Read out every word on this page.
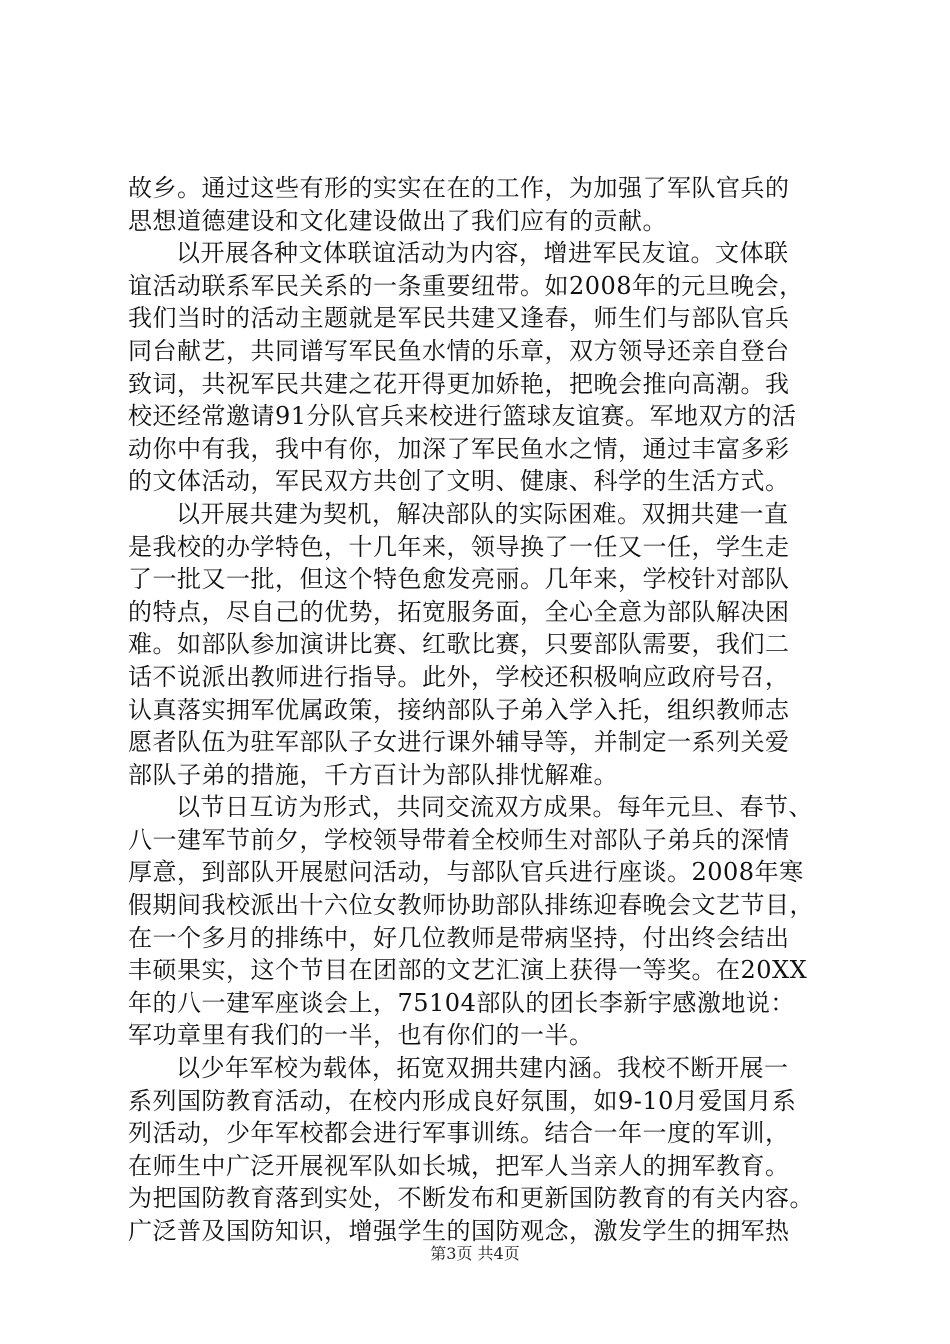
故乡。通过这些有形的实实在在的工作，为加强了军队官兵的
思想道德建设和文化建设做出了我们应有的贡献。
以开展各种文体联谊活动为内容，增进军民友谊。文体联
谊活动联系军民关系的一条重要纽带。如2008年的元旦晚会，
我们当时的活动主题就是军民共建又逢春，师生们与部队官兵
同台献艺，共同谱写军民鱼水情的乐章，双方领导还亲自登台
致词，共祝军民共建之花开得更加娇艳，把晚会推向高潮。我
校还经常邀请91分队官兵来校进行篮球友谊赛。军地双方的活
动你中有我，我中有你，加深了军民鱼水之情，通过丰富多彩
的文体活动，军民双方共创了文明、健康、科学的生活方式。
以开展共建为契机，解决部队的实际困难。双拥共建一直
是我校的办学特色，十几年来，领导换了一任又一任，学生走
了一批又一批，但这个特色愈发亮丽。几年来，学校针对部队
的特点，尽自己的优势，拓宽服务面，全心全意为部队解决困
难。如部队参加演讲比赛、红歌比赛，只要部队需要，我们二
话不说派出教师进行指导。此外，学校还积极响应政府号召，
认真落实拥军优属政策，接纳部队子弟入学入托，组织教师志
愿者队伍为驻军部队子女进行课外辅导等，并制定一系列关爱
部队子弟的措施，千方百计为部队排忧解难。
以节日互访为形式，共同交流双方成果。每年元旦、春节、
八一建军节前夕，学校领导带着全校师生对部队子弟兵的深情
厚意，到部队开展慰问活动，与部队官兵进行座谈。2008年寒
假期间我校派出十六位女教师协助部队排练迎春晚会文艺节目，
在一个多月的排练中，好几位教师是带病坚持，付出终会结出
丰硕果实，这个节目在团部的文艺汇演上获得一等奖。在20XX
年的八一建军座谈会上，75104部队的团长李新宇感激地说：
军功章里有我们的一半，也有你们的一半。
以少年军校为载体，拓宽双拥共建内涵。我校不断开展一
系列国防教育活动，在校内形成良好氛围，如9-10月爱国月系
列活动，少年军校都会进行军事训练。结合一年一度的军训，
在师生中广泛开展视军队如长城，把军人当亲人的拥军教育。
为把国防教育落到实处，不断发布和更新国防教育的有关内容。
广泛普及国防知识，增强学生的国防观念，激发学生的拥军热
第3页 共4页
